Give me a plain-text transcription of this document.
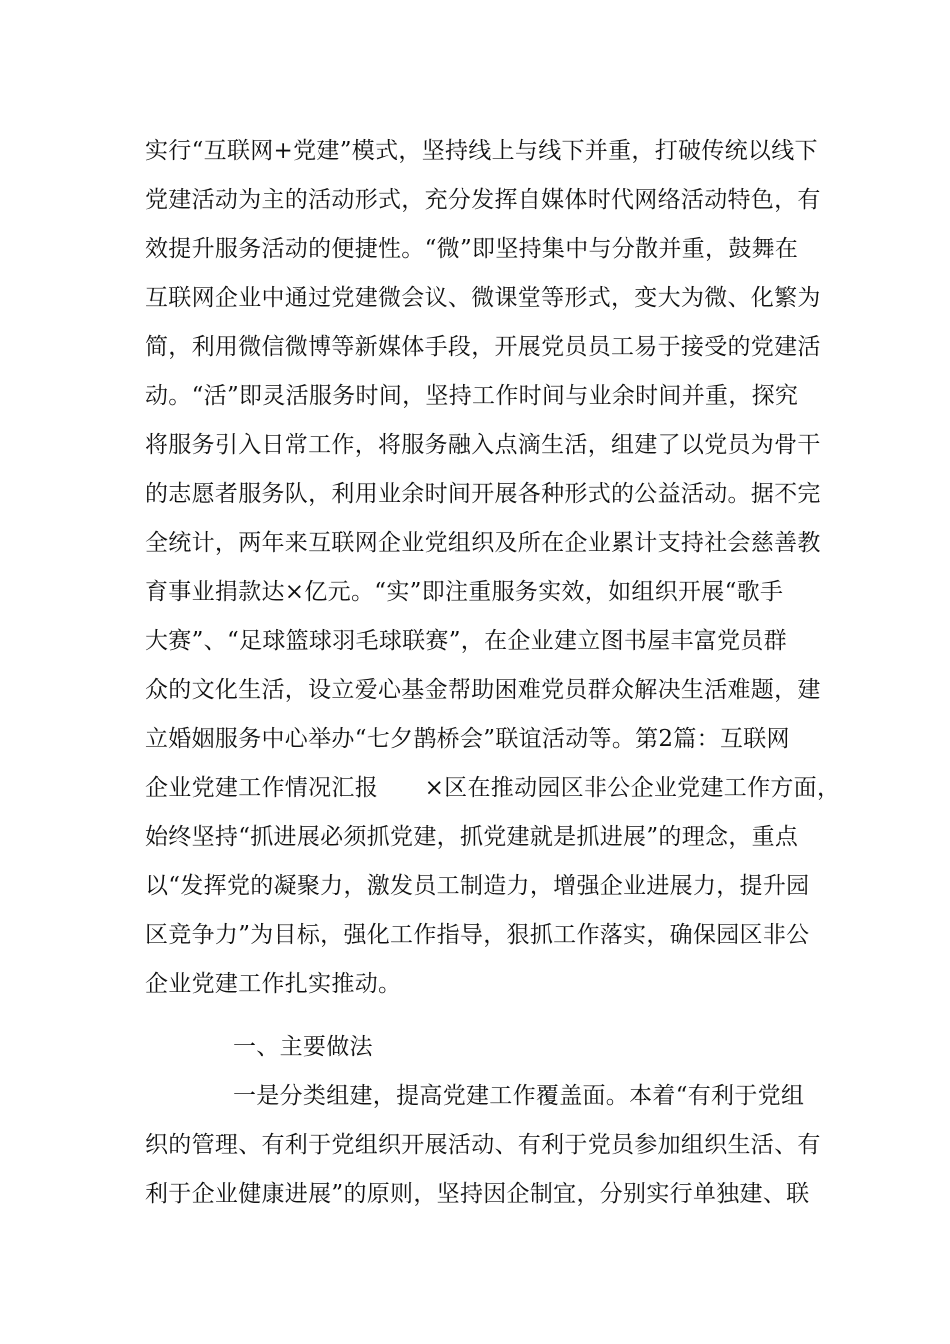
实行“互联网+党建”模式，坚持线上与线下并重，打破传统以线下
党建活动为主的活动形式，充分发挥自媒体时代网络活动特色，有
效提升服务活动的便捷性。“微”即坚持集中与分散并重，鼓舞在
互联网企业中通过党建微会议、微课堂等形式，变大为微、化繁为
简，利用微信微博等新媒体手段，开展党员员工易于接受的党建活
动。“活”即灵活服务时间，坚持工作时间与业余时间并重，探究
将服务引入日常工作，将服务融入点滴生活，组建了以党员为骨干
的志愿者服务队，利用业余时间开展各种形式的公益活动。据不完
全统计，两年来互联网企业党组织及所在企业累计支持社会慈善教
育事业捐款达×亿元。“实”即注重服务实效，如组织开展“歌手
大赛”、“足球篮球羽毛球联赛”，在企业建立图书屋丰富党员群
众的文化生活，设立爱心基金帮助困难党员群众解决生活难题，建
立婚姻服务中心举办“七夕鹊桥会”联谊活动等。第2篇：互联网
企业党建工作情况汇报　　×区在推动园区非公企业党建工作方面，
始终坚持“抓进展必须抓党建，抓党建就是抓进展”的理念，重点
以“发挥党的凝聚力，激发员工制造力，增强企业进展力，提升园
区竞争力”为目标，强化工作指导，狠抓工作落实，确保园区非公
企业党建工作扎实推动。
一、主要做法
一是分类组建，提高党建工作覆盖面。本着“有利于党组
织的管理、有利于党组织开展活动、有利于党员参加组织生活、有
利于企业健康进展”的原则，坚持因企制宜，分别实行单独建、联
